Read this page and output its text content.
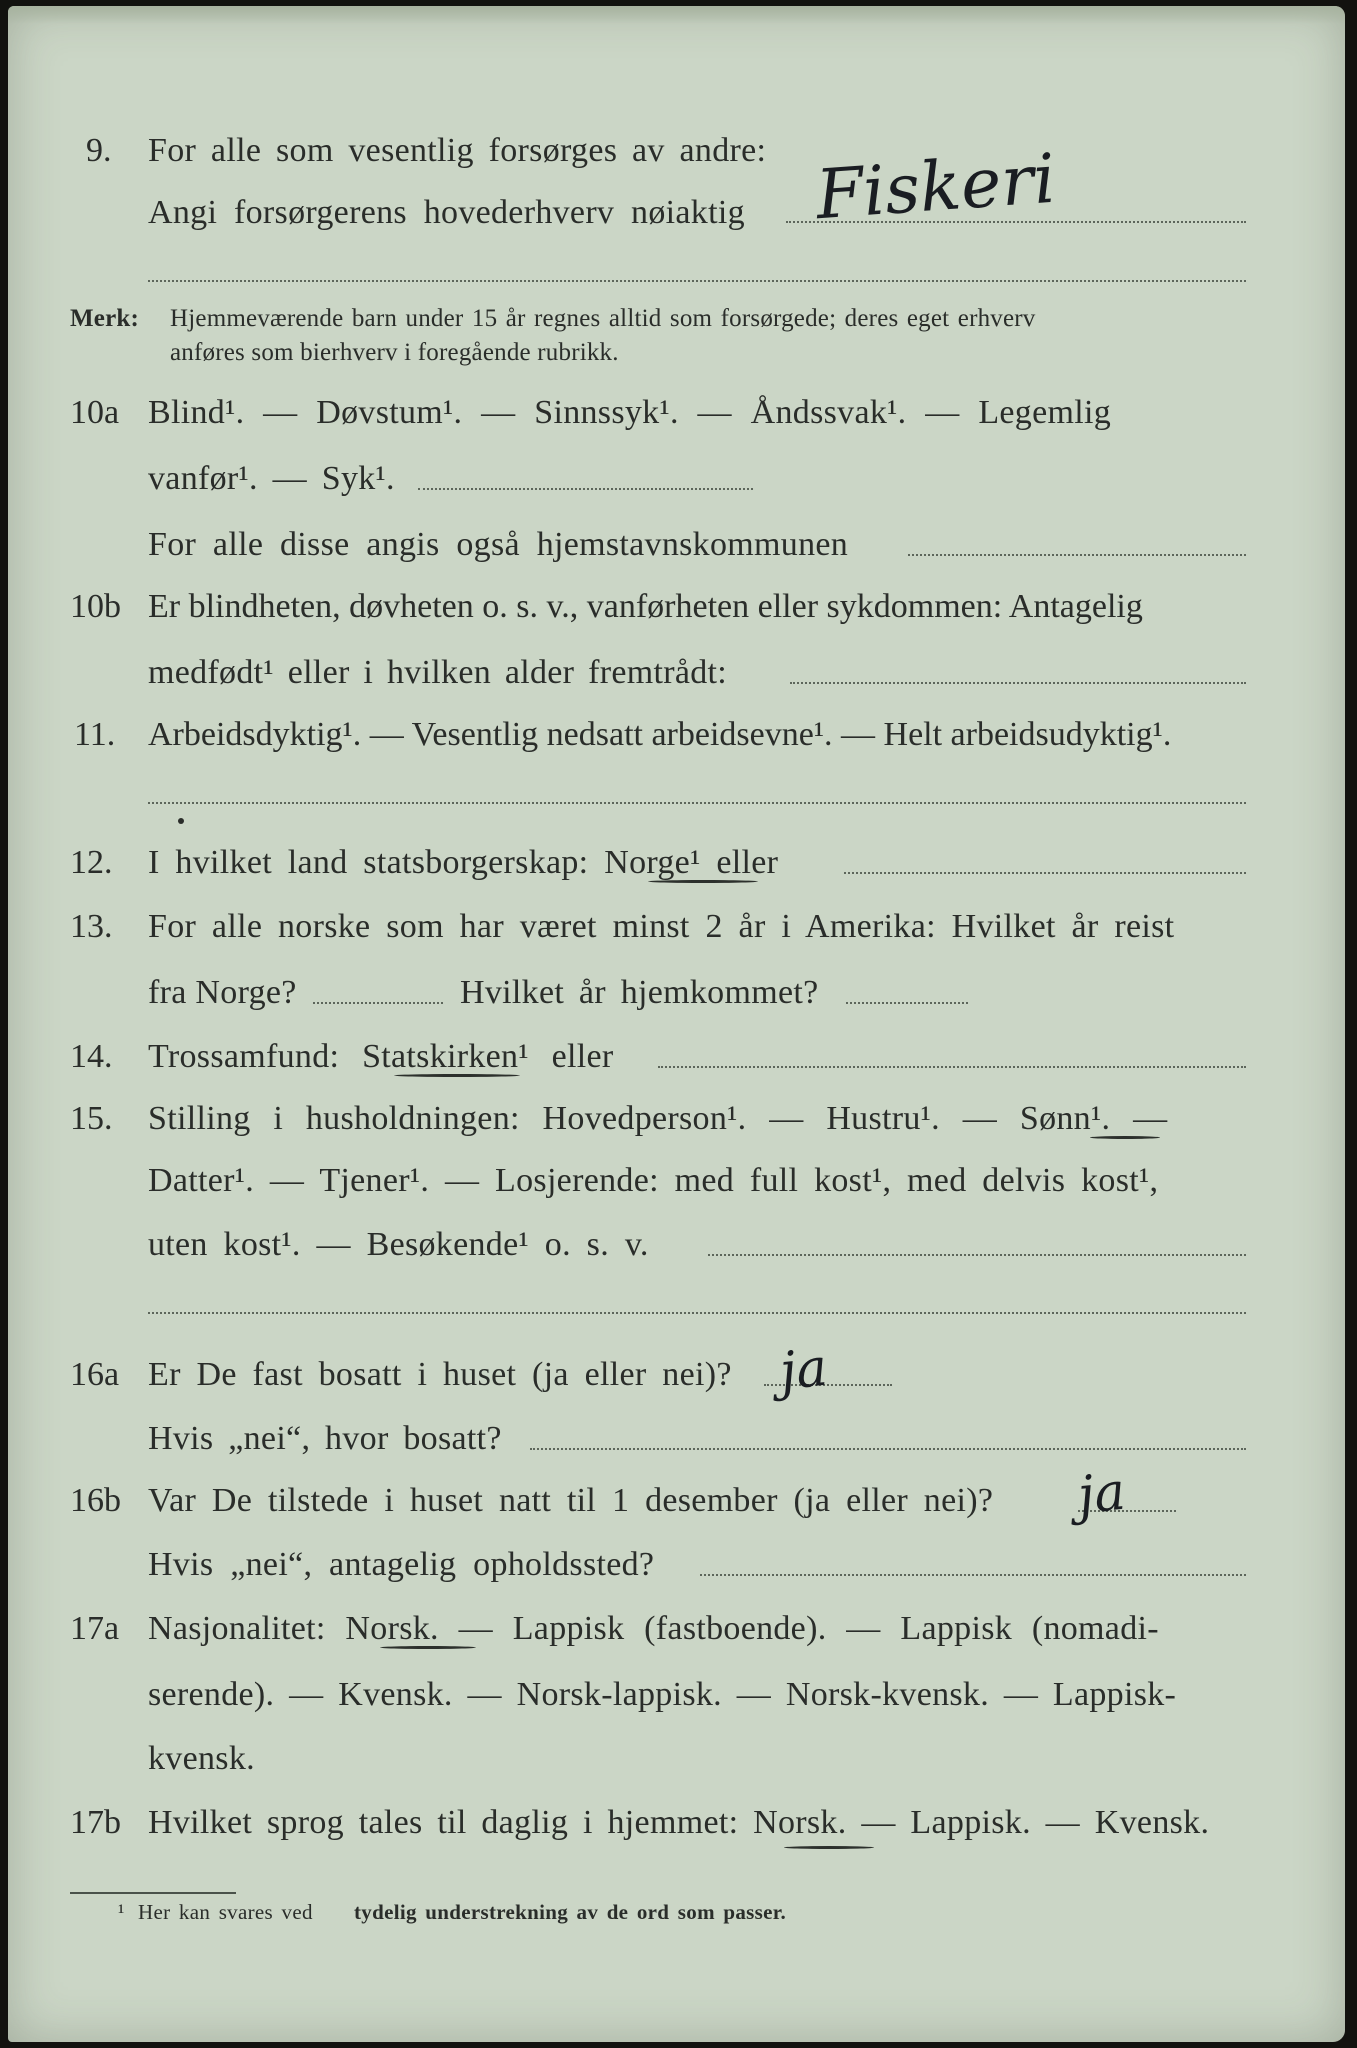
9. For alle som vesentlig forsørges av andre:
Angi forsørgerens hovederhverv nøiaktig Fiskeri
Merk: Hjemmeværende barn under 15 år regnes alltid som forsørgede; deres eget erhverv
anføres som bierhverv i foregående rubrikk.
10a Blind¹. — Døvstum¹. — Sinnssyk¹. — Åndssvak¹. — Legemlig
vanfør¹. — Syk¹.
For alle disse angis også hjemstavnskommunen
10b Er blindheten, døvheten o. s. v., vanførheten eller sykdommen: Antagelig
medfødt¹ eller i hvilken alder fremtrådt:
11. Arbeidsdyktig¹. — Vesentlig nedsatt arbeidsevne¹. — Helt arbeidsudyktig¹.
12. I hvilket land statsborgerskap: Norge¹ eller
13. For alle norske som har været minst 2 år i Amerika: Hvilket år reist
fra Norge?	Hvilket år hjemkommet?
14. Trossamfund: Statskirken¹ eller
15. Stilling i husholdningen: Hovedperson¹. — Hustru¹. — Sønn¹. —
Datter¹. — Tjener¹. — Losjerende: med full kost¹, med delvis kost¹,
uten kost¹. — Besøkende¹ o. s. v.
16a Er De fast bosatt i huset (ja eller nei)? ja
Hvis „nei“, hvor bosatt?
16b Var De tilstede i huset natt til 1 desember (ja eller nei)? ja
Hvis „nei“, antagelig opholdssted?
17a Nasjonalitet: Norsk. — Lappisk (fastboende). — Lappisk (nomadi-
serende). — Kvensk. — Norsk-lappisk. — Norsk-kvensk. — Lappisk-
kvensk.
17b Hvilket sprog tales til daglig i hjemmet: Norsk. — Lappisk. — Kvensk.
¹ Her kan svares ved tydelig understrekning av de ord som passer.
